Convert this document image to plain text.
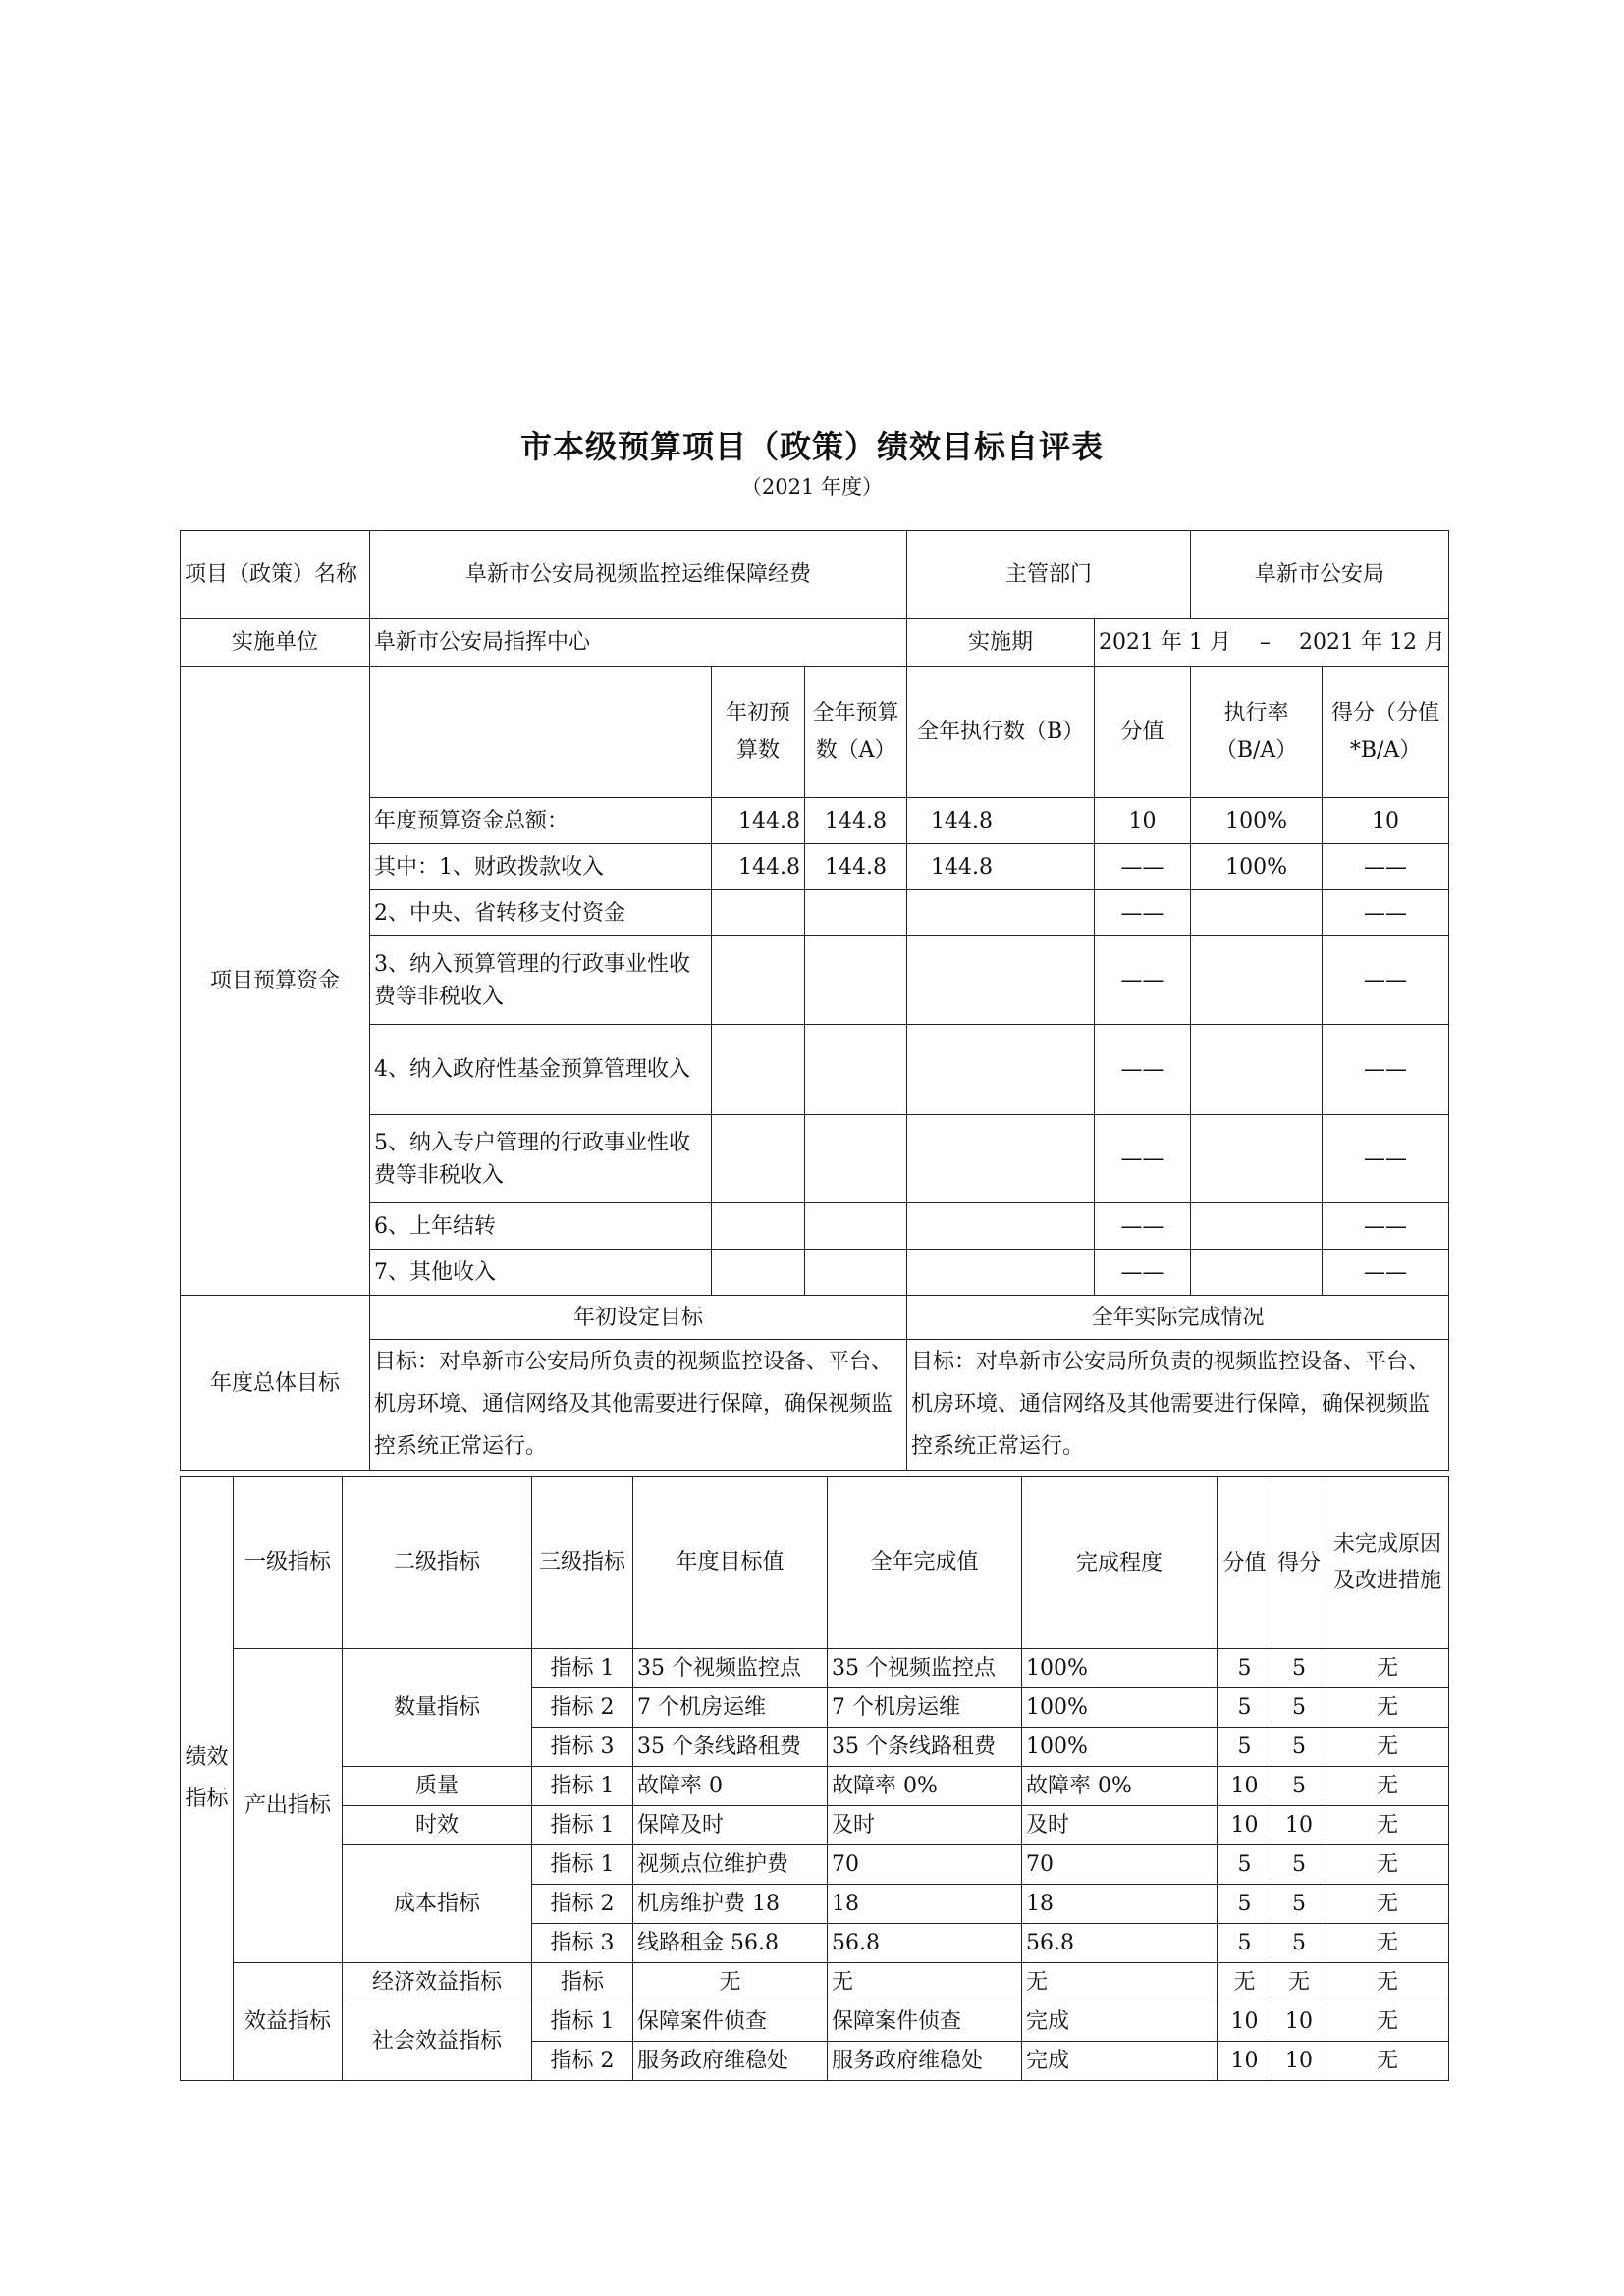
市本级预算项目（政策）绩效目标自评表
（2021 年度）
项目（政策）名称	阜新市公安局视频监控运维保障经费			主管部门		阜新市公安局	
实施单位	阜新市公安局指挥中心			实施期	2021 年 1 月 　–　 2021 年 12 月		
项目预算资金		年初预算数	全年预算数（A）	全年执行数（B）	分值	执行率（B/A）	得分（分值*B/A）
	年度预算资金总额：	144.8	144.8	144.8	10	100%	10
	其中：1、财政拨款收入	144.8	144.8	144.8	——	100%	——
	2、中央、省转移支付资金				——		——
	3、纳入预算管理的行政事业性收费等非税收入				——		——
	4、纳入政府性基金预算管理收入				——		——
	5、纳入专户管理的行政事业性收费等非税收入				——		——
	6、上年结转				——		——
	7、其他收入				——		——
年度总体目标	年初设定目标			全年实际完成情况			
	目标：对阜新市公安局所负责的视频监控设备、平台、机房环境、通信网络及其他需要进行保障，确保视频监控系统正常运行。			目标：对阜新市公安局所负责的视频监控设备、平台、机房环境、通信网络及其他需要进行保障，确保视频监控系统正常运行。			
绩效指标	一级指标	二级指标	三级指标	年度目标值	全年完成值	完成程度	分值	得分	未完成原因及改进措施
	产出指标	数量指标	指标 1	35 个视频监控点	35 个视频监控点	100%	5	5	无
			指标 2	7 个机房运维	7 个机房运维	100%	5	5	无
			指标 3	35 个条线路租费	35 个条线路租费	100%	5	5	无
		质量	指标 1	故障率 0	故障率 0%	故障率 0%	10	5	无
		时效	指标 1	保障及时	及时	及时	10	10	无
		成本指标	指标 1	视频点位维护费	70	70	5	5	无
			指标 2	机房维护费 18	18	18	5	5	无
			指标 3	线路租金 56.8	56.8	56.8	5	5	无
	效益指标	经济效益指标	指标	无	无	无	无	无	无
		社会效益指标	指标 1	保障案件侦查	保障案件侦查	完成	10	10	无
			指标 2	服务政府维稳处	服务政府维稳处	完成	10	10	无
